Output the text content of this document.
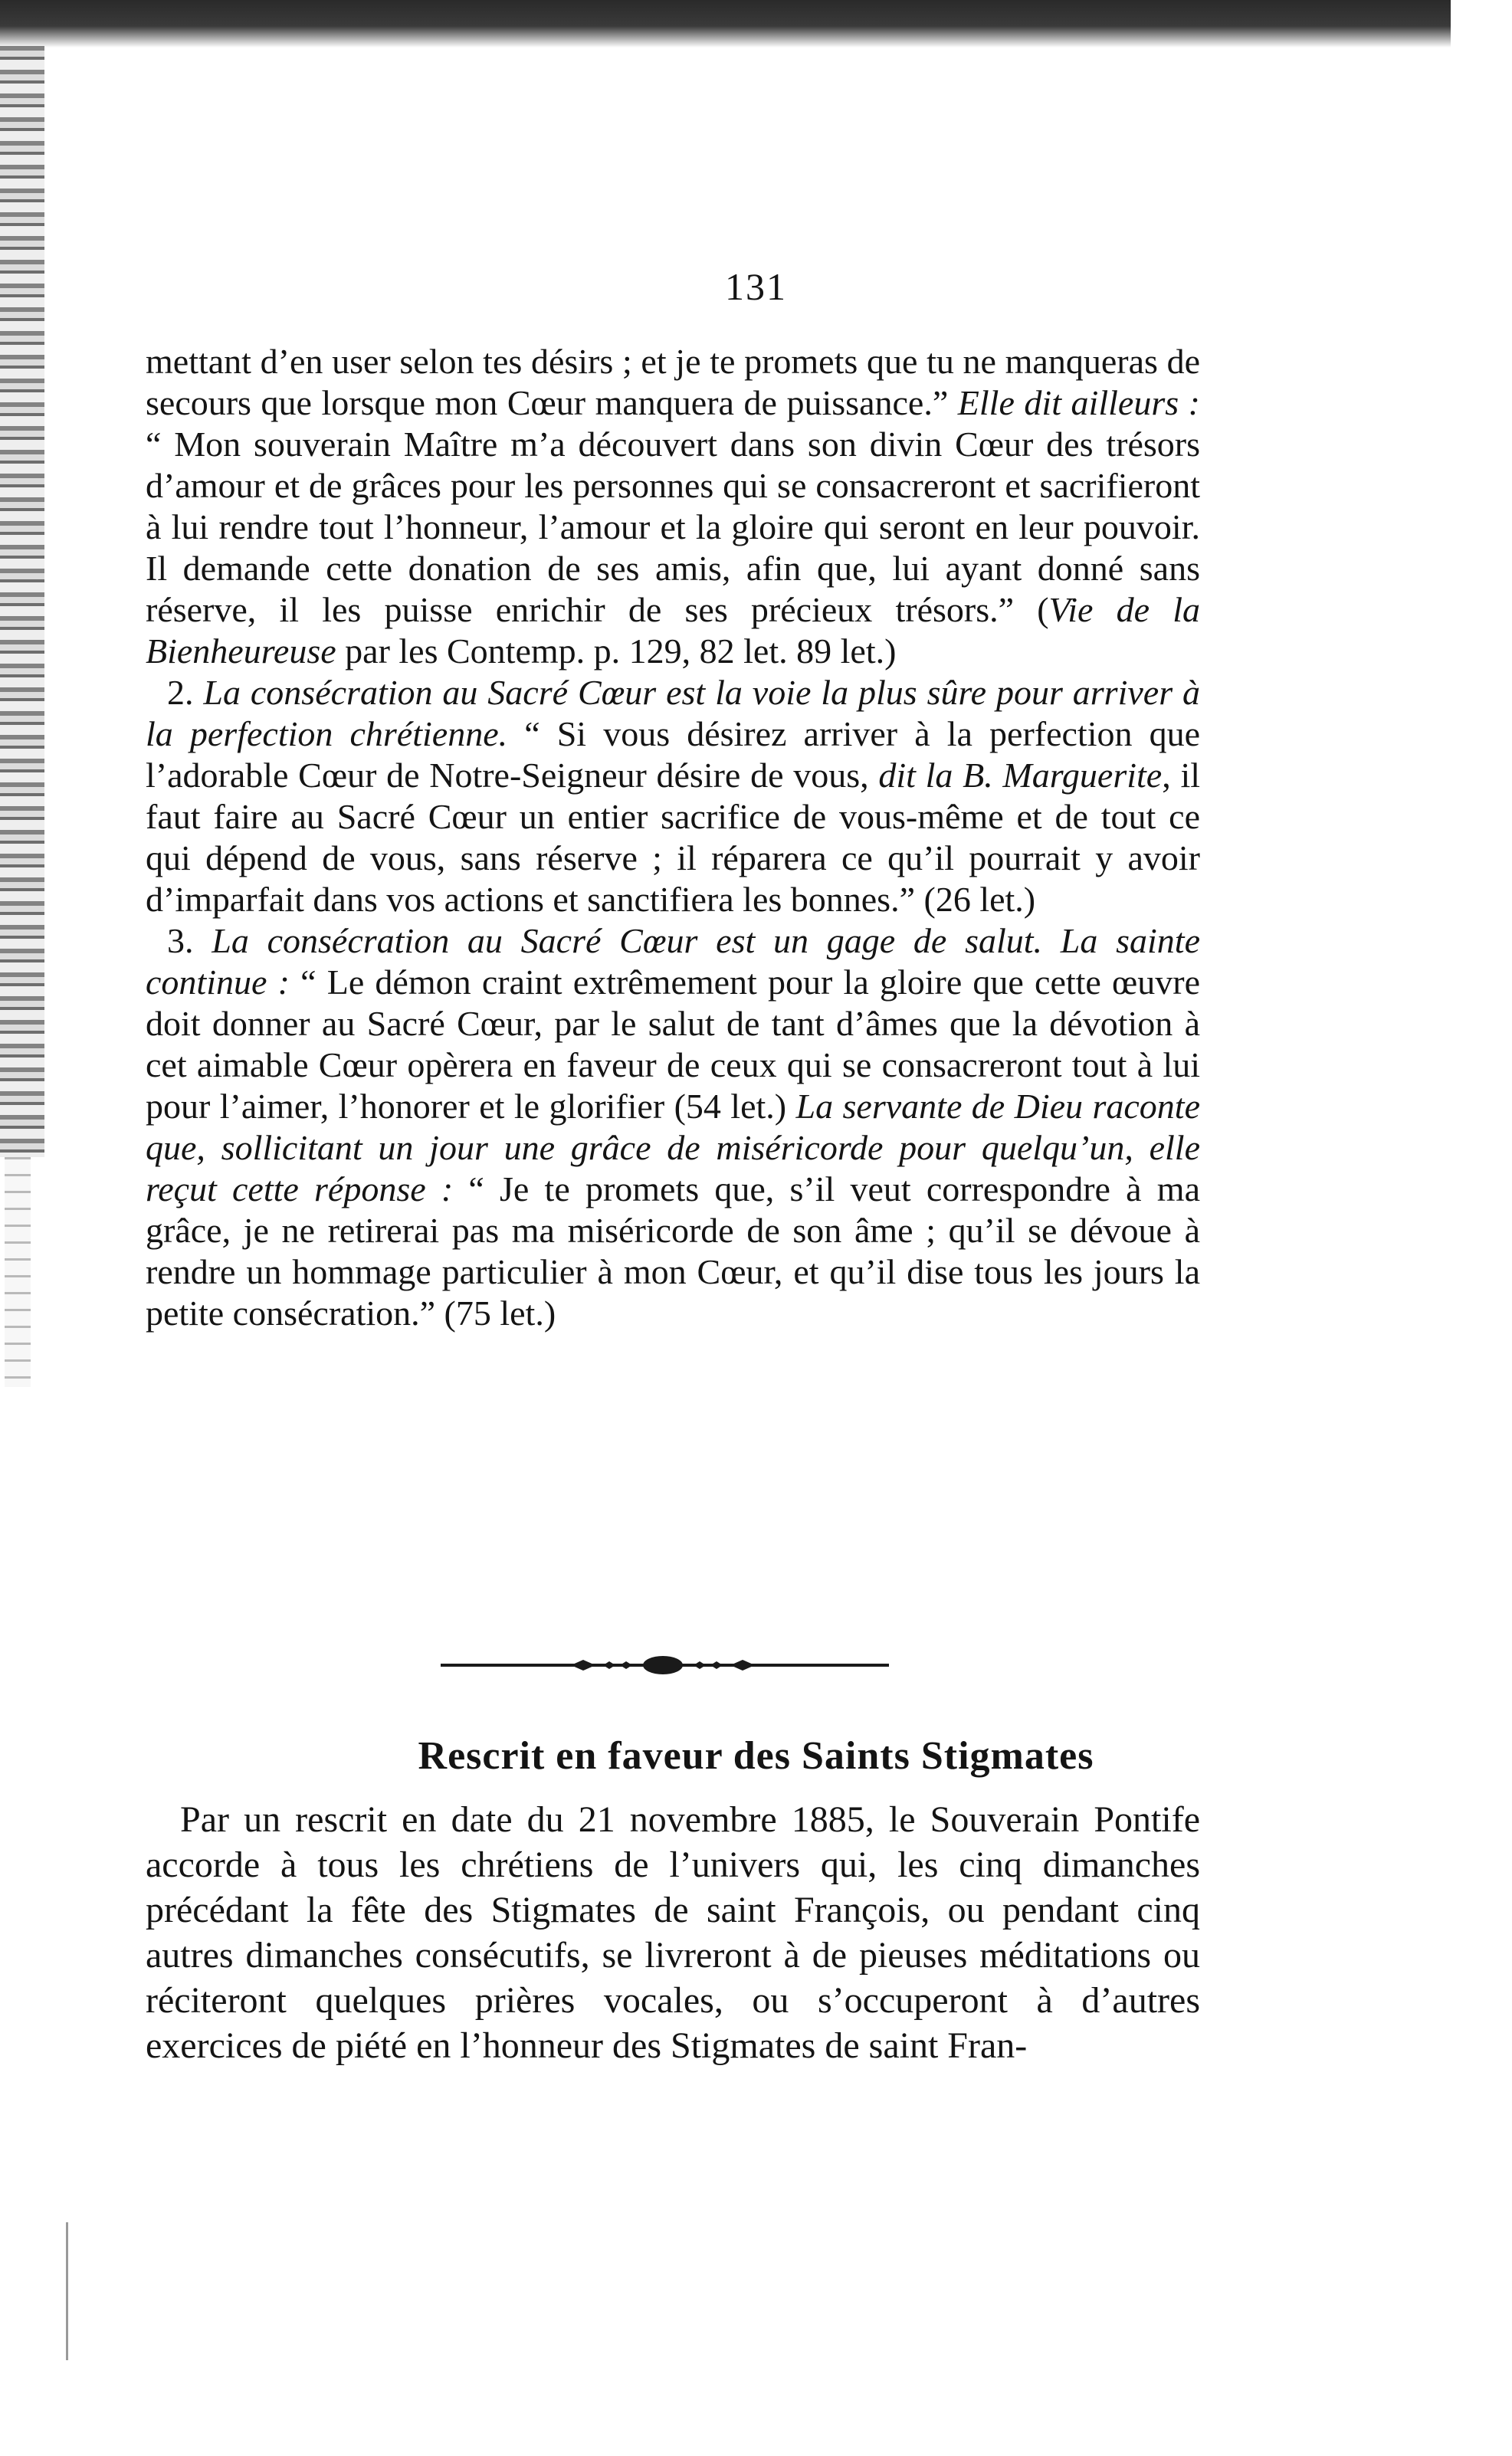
131

mettant d’en user selon tes désirs ; et je te promets que tu ne manqueras de secours que lorsque mon Cœur manquera de puissance.” Elle dit ailleurs : “ Mon souverain Maître m’a découvert dans son divin Cœur des trésors d’amour et de grâces pour les personnes qui se consacreront et sacrifieront à lui rendre tout l’honneur, l’amour et la gloire qui seront en leur pouvoir. Il demande cette donation de ses amis, afin que, lui ayant donné sans réserve, il les puisse enrichir de ses précieux trésors.” (Vie de la Bienheureuse par les Contemp. p. 129, 82 let. 89 let.)

2. La consécration au Sacré Cœur est la voie la plus sûre pour arriver à la perfection chrétienne. “ Si vous désirez arriver à la perfection que l’adorable Cœur de Notre-Seigneur désire de vous, dit la B. Marguerite, il faut faire au Sacré Cœur un entier sacrifice de vous-même et de tout ce qui dépend de vous, sans réserve ; il réparera ce qu’il pourrait y avoir d’imparfait dans vos actions et sanctifiera les bonnes.” (26 let.)

3. La consécration au Sacré Cœur est un gage de salut. La sainte continue : “ Le démon craint extrêmement pour la gloire que cette œuvre doit donner au Sacré Cœur, par le salut de tant d’âmes que la dévotion à cet aimable Cœur opèrera en faveur de ceux qui se consacreront tout à lui pour l’aimer, l’honorer et le glorifier (54 let.) La servante de Dieu raconte que, sollicitant un jour une grâce de miséricorde pour quelqu’un, elle reçut cette réponse : “ Je te promets que, s’il veut correspondre à ma grâce, je ne retirerai pas ma miséricorde de son âme ; qu’il se dévoue à rendre un hommage particulier à mon Cœur, et qu’il dise tous les jours la petite consécration.” (75 let.)

Rescrit en faveur des Saints Stigmates

Par un rescrit en date du 21 novembre 1885, le Souverain Pontife accorde à tous les chrétiens de l’univers qui, les cinq dimanches précédant la fête des Stigmates de saint François, ou pendant cinq autres dimanches consécutifs, se livreront à de pieuses méditations ou réciteront quelques prières vocales, ou s’occuperont à d’autres exercices de piété en l’honneur des Stigmates de saint Fran-
